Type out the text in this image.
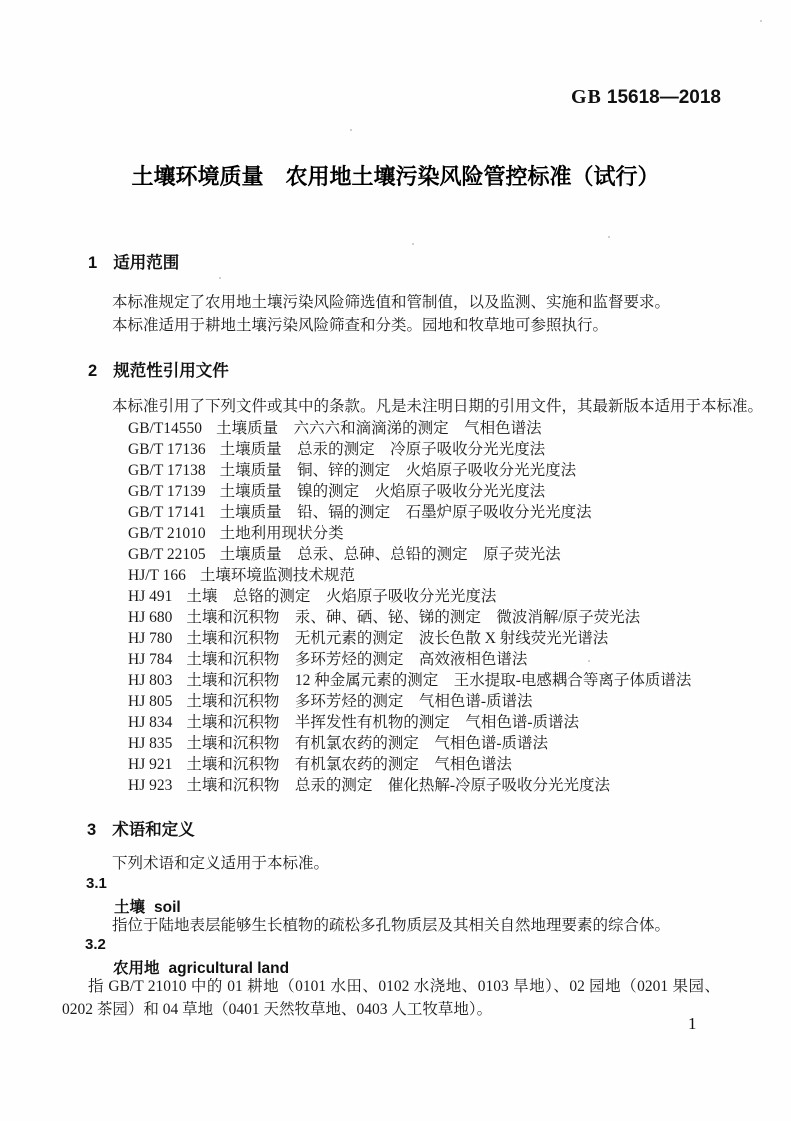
GB 15618—2018
土壤环境质量　农用地土壤污染风险管控标准（试行）
1 适用范围

本标准规定了农用地土壤污染风险筛选值和管制值，以及监测、实施和监督要求。

本标准适用于耕地土壤污染风险筛查和分类。园地和牧草地可参照执行。

2 规范性引用文件

本标准引用了下列文件或其中的条款。凡是未注明日期的引用文件，其最新版本适用于本标准。

GB/T14550 土壤质量　六六六和滴滴涕的测定　气相色谱法
GB/T 17136 土壤质量　总汞的测定　冷原子吸收分光光度法
GB/T 17138 土壤质量　铜、锌的测定　火焰原子吸收分光光度法
GB/T 17139 土壤质量　镍的测定　火焰原子吸收分光光度法
GB/T 17141 土壤质量　铅、镉的测定　石墨炉原子吸收分光光度法
GB/T 21010 土地利用现状分类
GB/T 22105 土壤质量　总汞、总砷、总铅的测定　原子荧光法
HJ/T 166 土壤环境监测技术规范
HJ 491 土壤　总铬的测定　火焰原子吸收分光光度法
HJ 680 土壤和沉积物　汞、砷、硒、铋、锑的测定　微波消解/原子荧光法
HJ 780 土壤和沉积物　无机元素的测定　波长色散 X 射线荧光光谱法
HJ 784 土壤和沉积物　多环芳烃的测定　高效液相色谱法
HJ 803 土壤和沉积物　12 种金属元素的测定　王水提取-电感耦合等离子体质谱法
HJ 805 土壤和沉积物　多环芳烃的测定　气相色谱-质谱法
HJ 834 土壤和沉积物　半挥发性有机物的测定　气相色谱-质谱法
HJ 835 土壤和沉积物　有机氯农药的测定　气相色谱-质谱法
HJ 921 土壤和沉积物　有机氯农药的测定　气相色谱法
HJ 923 土壤和沉积物　总汞的测定　催化热解-冷原子吸收分光光度法
3 术语和定义
下列术语和定义适用于本标准。
3.1
土壤 soil
指位于陆地表层能够生长植物的疏松多孔物质层及其相关自然地理要素的综合体。
3.2
农用地 agricultural land

指 GB/T 21010 中的 01 耕地（0101 水田、0102 水浇地、0103 旱地）、02 园地（0201 果园、0202 茶园）和 04 草地（0401 天然牧草地、0403 人工牧草地）。

1
